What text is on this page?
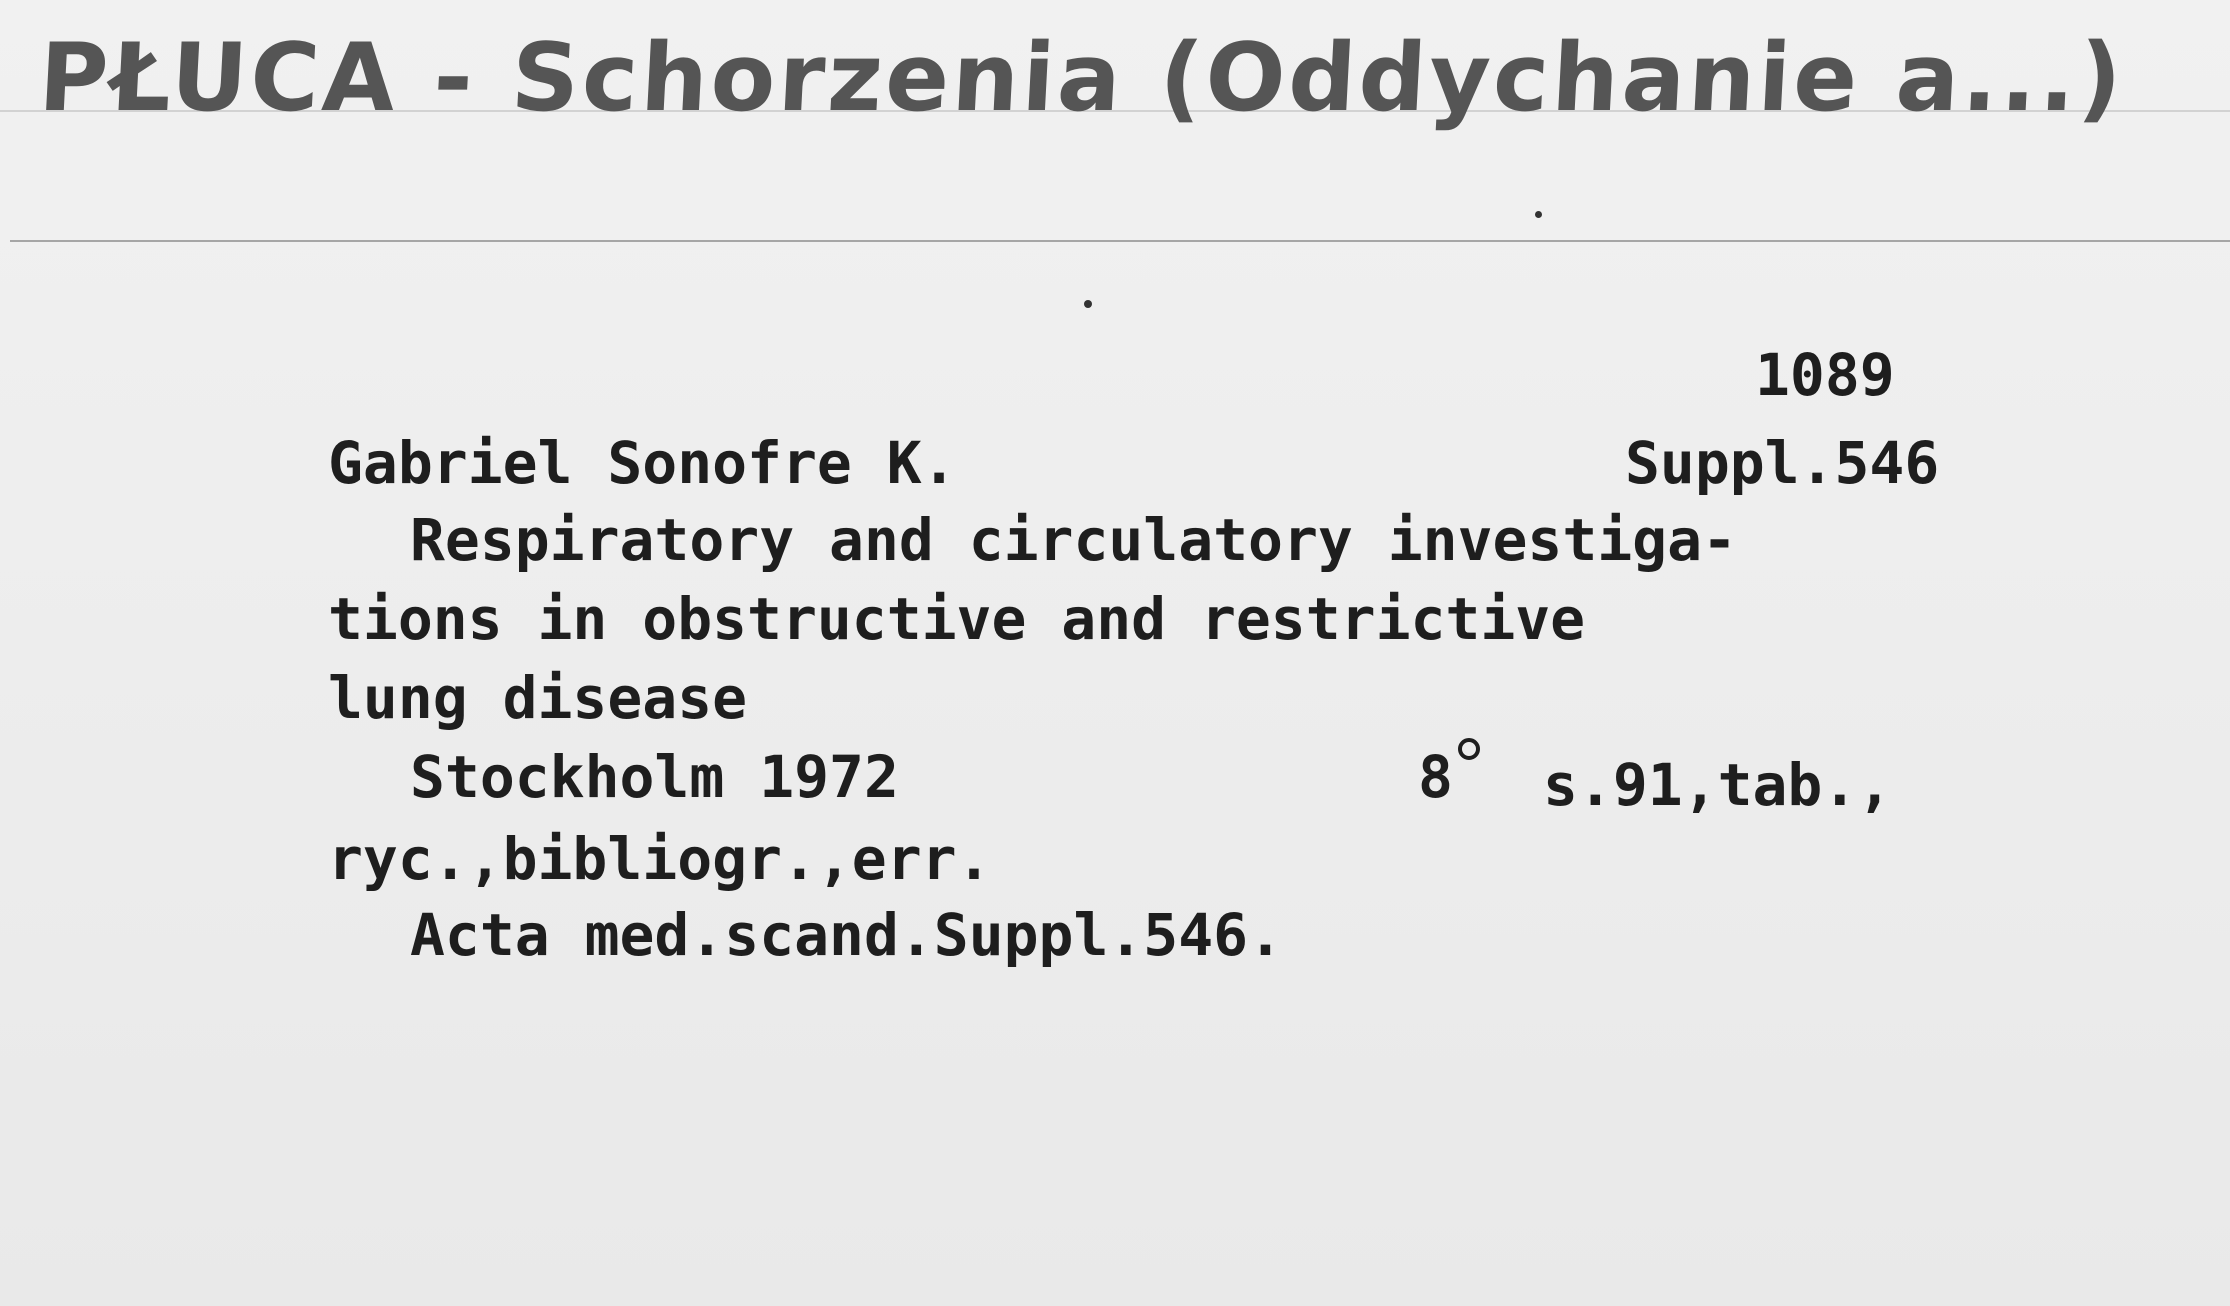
PŁUCA - Schorzenia (Oddychanie a...)
1089
Gabriel Sonofre K.	Suppl.546
Respiratory and circulatory investiga-
tions in obstructive and restrictive
lung disease
Stockholm 1972	8 s.91,tab.,
ryc.,bibliogr.,err.
Acta med.scand.Suppl.546.
